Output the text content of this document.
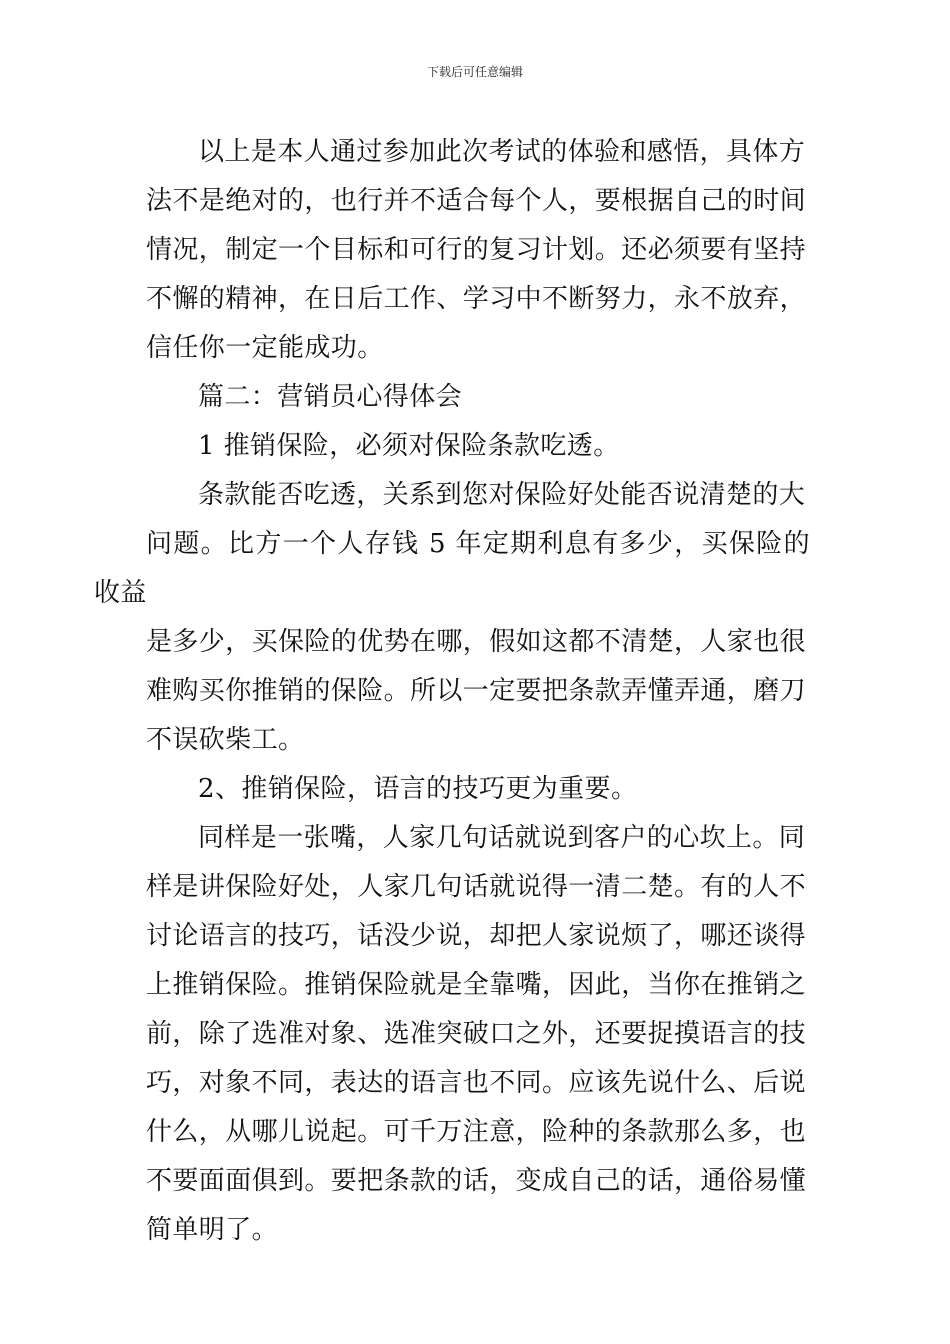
下载后可任意编辑

以上是本人通过参加此次考试的体验和感悟，具体方
法不是绝对的，也行并不适合每个人，要根据自己的时间
情况，制定一个目标和可行的复习计划。还必须要有坚持
不懈的精神，在日后工作、学习中不断努力，永不放弃，
信任你一定能成功。

篇二：营销员心得体会

1 推销保险，必须对保险条款吃透。

条款能否吃透，关系到您对保险好处能否说清楚的大
问题。比方一个人存钱 5 年定期利息有多少，买保险的收益
是多少，买保险的优势在哪，假如这都不清楚，人家也很
难购买你推销的保险。所以一定要把条款弄懂弄通，磨刀
不误砍柴工。

2、推销保险，语言的技巧更为重要。

同样是一张嘴，人家几句话就说到客户的心坎上。同
样是讲保险好处，人家几句话就说得一清二楚。有的人不
讨论语言的技巧，话没少说，却把人家说烦了，哪还谈得
上推销保险。推销保险就是全靠嘴，因此，当你在推销之
前，除了选准对象、选准突破口之外，还要捉摸语言的技
巧，对象不同，表达的语言也不同。应该先说什么、后说
什么，从哪儿说起。可千万注意，险种的条款那么多，也
不要面面俱到。要把条款的话，变成自己的话，通俗易懂
简单明了。
